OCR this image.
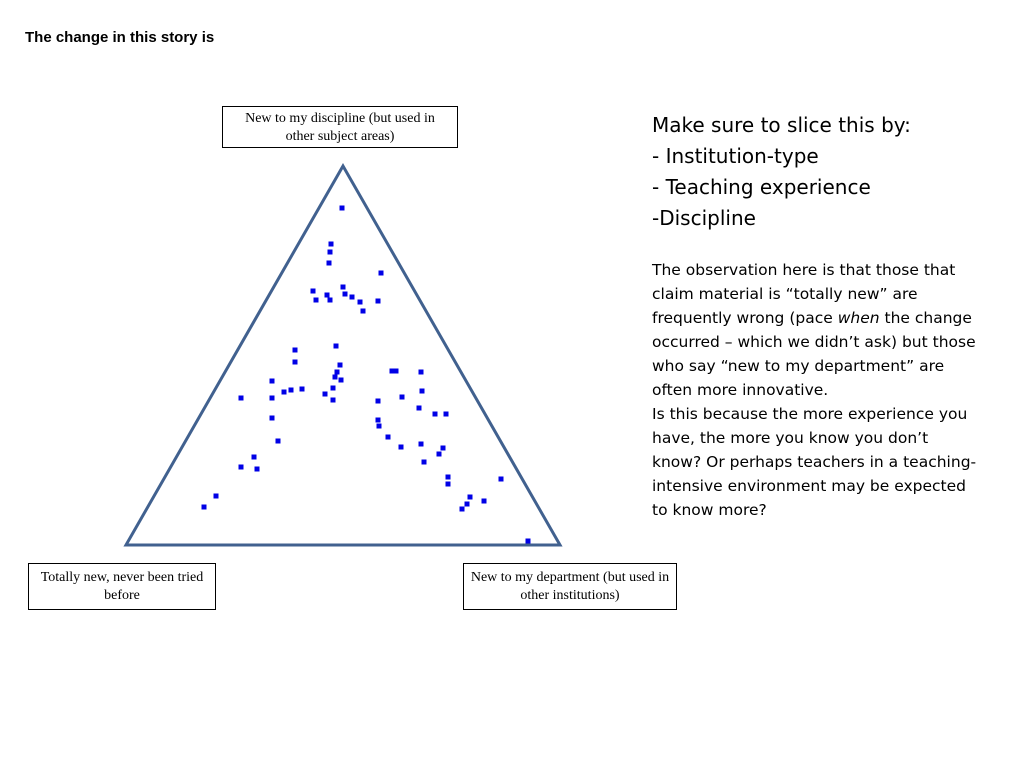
The change in this story is
New to my discipline (but used in other subject areas)
Totally new, never been tried before
New to my department (but used in other institutions)
Make sure to slice this by:
- Institution-type
- Teaching experience
-Discipline

The observation here is that those that claim material is “totally new” are frequently wrong (pace when the change occurred – which we didn’t ask) but those who say “new to my department” are often more innovative.

Is this because the more experience you have, the more you know you don’t know? Or perhaps teachers in a teaching-intensive environment may be expected to know more?
